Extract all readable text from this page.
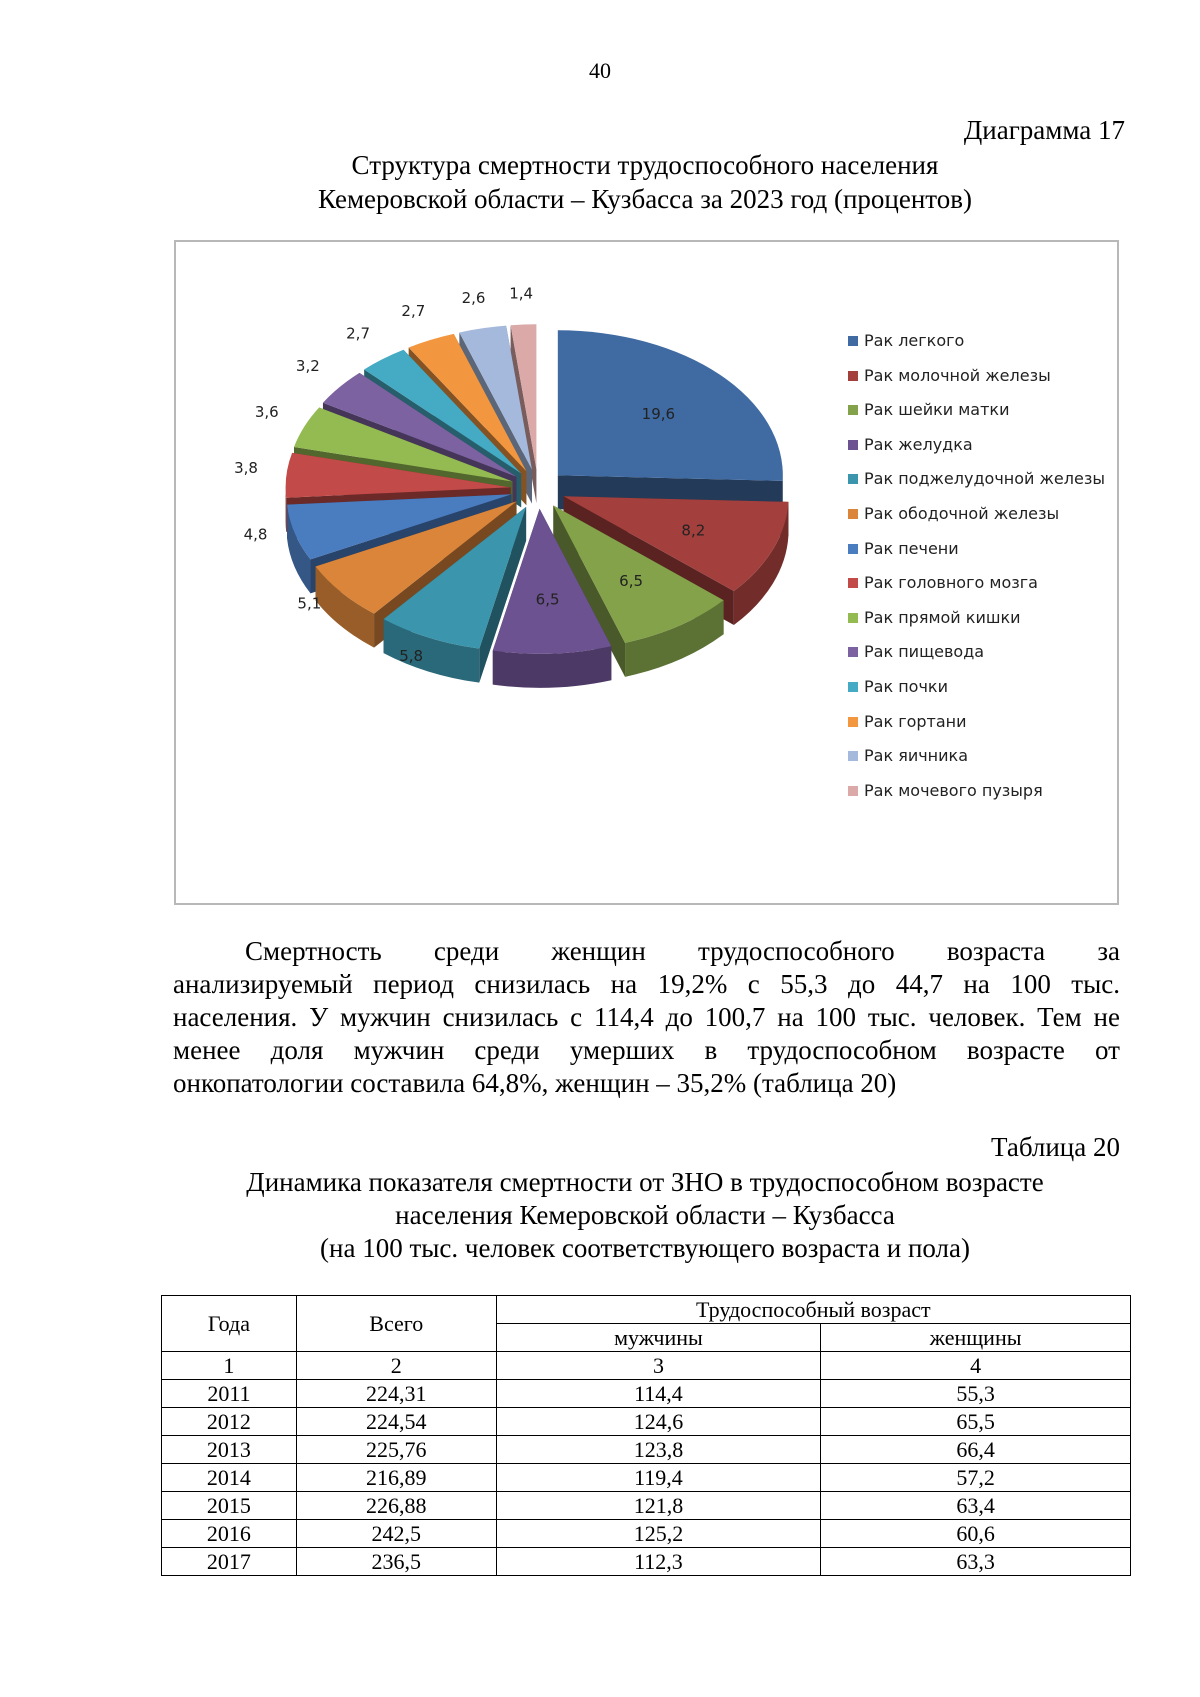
40
Диаграмма 17
Структура смертности трудоспособного населения
Кемеровской области – Кузбасса за 2023 год (процентов)
19,6
8,2
6,5
6,5
5,8
5,1
4,8
3,8
3,6
3,2
2,7
2,7
2,6 1,4
Рак легкого
Рак молочной железы
Рак шейки матки
Рак желудка
Рак поджелудочной железы
Рак ободочной железы
Рак печени
Рак головного мозга
Рак прямой кишки
Рак пищевода
Рак почки
Рак гортани
Рак яичника
Рак мочевого пузыря
Смертность среди женщин трудоспособного возраста за
анализируемый период снизилась на 19,2% с 55,3 до 44,7 на 100 тыс.
населения. У мужчин снизилась с 114,4 до 100,7 на 100 тыс. человек. Тем не
менее доля мужчин среди умерших в трудоспособном возрасте от
онкопатологии составила 64,8%, женщин – 35,2% (таблица 20)
Таблица 20
Динамика показателя смертности от ЗНО в трудоспособном возрасте
населения Кемеровской области – Кузбасса
(на 100 тыс. человек соответствующего возраста и пола)
Года	Всего	Трудоспособный возраст	
		мужчины	женщины
1	2	3	4
2011	224,31	114,4	55,3
2012	224,54	124,6	65,5
2013	225,76	123,8	66,4
2014	216,89	119,4	57,2
2015	226,88	121,8	63,4
2016	242,5	125,2	60,6
2017	236,5	112,3	63,3
